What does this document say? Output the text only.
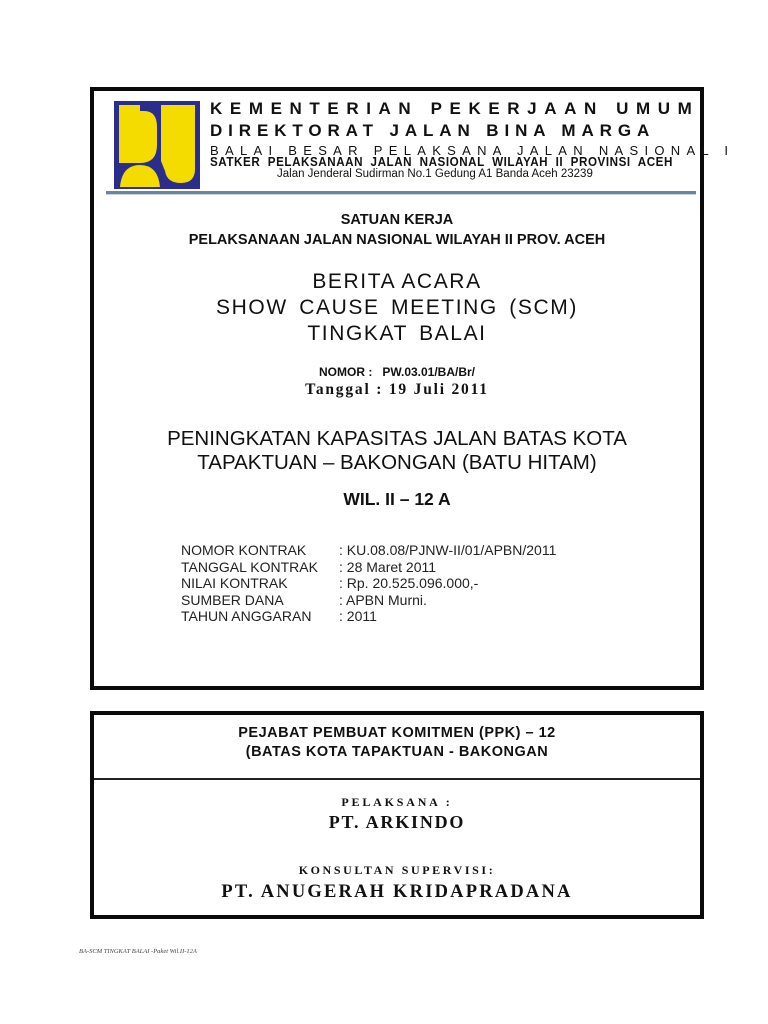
KEMENTERIAN PEKERJAAN UMUM
DIREKTORAT JALAN BINA MARGA
BALAI BESAR PELAKSANA JALAN NASIONAL I
SATKER PELAKSANAAN JALAN NASIONAL WILAYAH II PROVINSI ACEH
Jalan Jenderal Sudirman No.1 Gedung A1 Banda Aceh 23239
SATUAN KERJA
PELAKSANAAN JALAN NASIONAL WILAYAH II PROV. ACEH
BERITA ACARA
SHOW CAUSE MEETING (SCM)
TINGKAT BALAI
NOMOR : PW.03.01/BA/Br/
Tanggal : 19 Juli 2011
PENINGKATAN KAPASITAS JALAN BATAS KOTA
TAPAKTUAN – BAKONGAN (BATU HITAM)
WIL. II – 12 A
NOMOR KONTRAK	: KU.08.08/PJNW-II/01/APBN/2011
TANGGAL KONTRAK	: 28 Maret 2011
NILAI KONTRAK	: Rp. 20.525.096.000,-
SUMBER DANA	: APBN Murni.
TAHUN ANGGARAN	: 2011
PEJABAT PEMBUAT KOMITMEN (PPK) – 12
(BATAS KOTA TAPAKTUAN - BAKONGAN
PELAKSANA :
PT. ARKINDO
KONSULTAN SUPERVISI:
PT. ANUGERAH KRIDAPRADANA
BA-SCM TINGKAT BALAI -Paket Wil.II-12A
